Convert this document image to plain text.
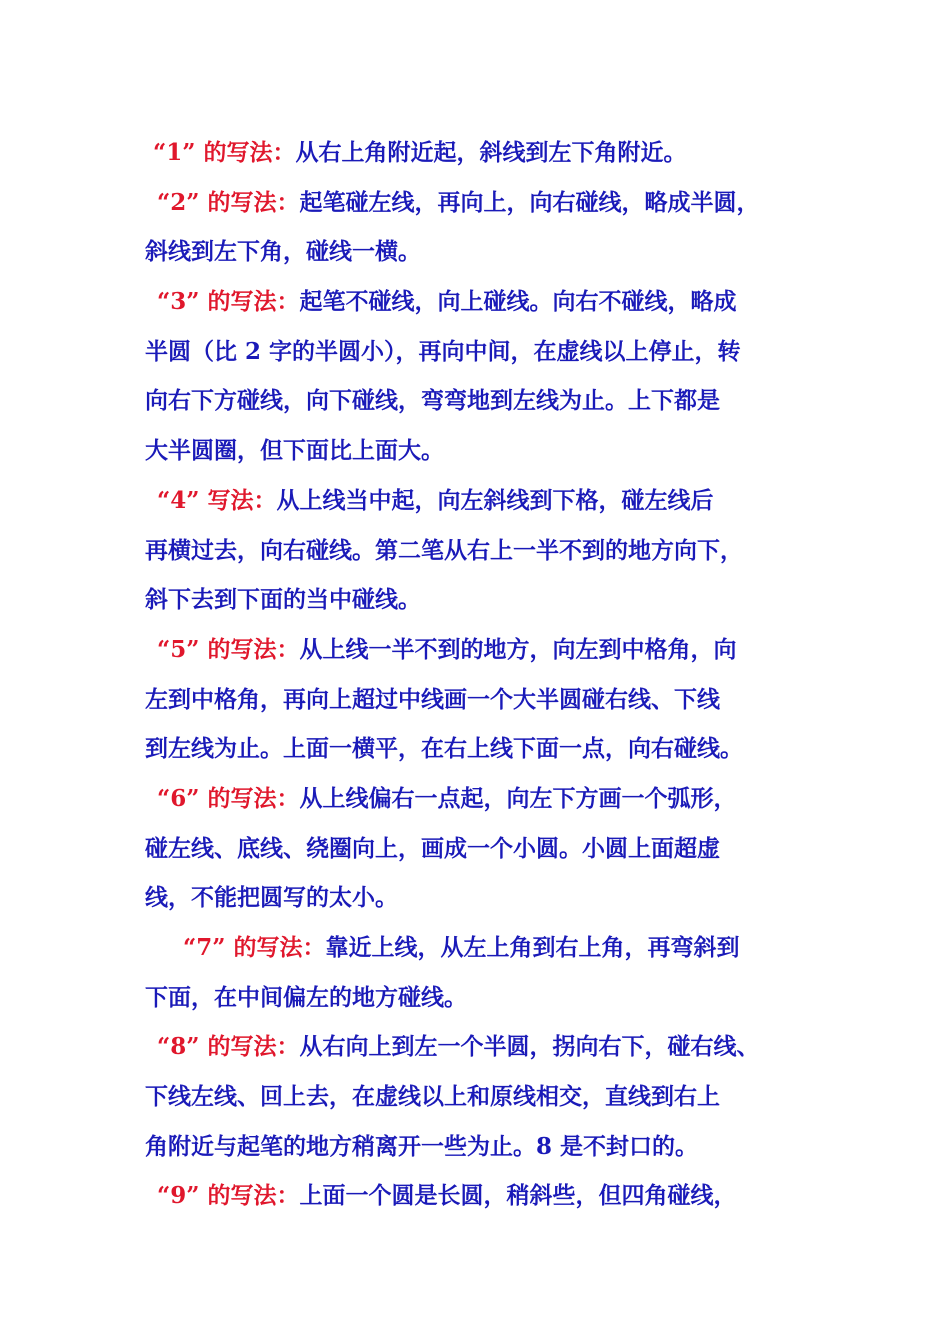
“1” 的写法：从右上角附近起，斜线到左下角附近。
“2” 的写法：起笔碰左线，再向上，向右碰线，略成半圆，
斜线到左下角，碰线一横。
“3” 的写法：起笔不碰线，向上碰线。向右不碰线，略成
半圆（比 2 字的半圆小），再向中间，在虚线以上停止，转
向右下方碰线，向下碰线，弯弯地到左线为止。上下都是
大半圆圈，但下面比上面大。
“4” 写法：从上线当中起，向左斜线到下格，碰左线后
再横过去，向右碰线。第二笔从右上一半不到的地方向下，
斜下去到下面的当中碰线。
“5” 的写法：从上线一半不到的地方，向左到中格角，向
左到中格角，再向上超过中线画一个大半圆碰右线、下线
到左线为止。上面一横平，在右上线下面一点，向右碰线。
“6” 的写法：从上线偏右一点起，向左下方画一个弧形，
碰左线、底线、绕圈向上，画成一个小圆。小圆上面超虚
线，不能把圆写的太小。
“7” 的写法：靠近上线，从左上角到右上角，再弯斜到
下面，在中间偏左的地方碰线。
“8” 的写法：从右向上到左一个半圆，拐向右下，碰右线、
下线左线、回上去，在虚线以上和原线相交，直线到右上
角附近与起笔的地方稍离开一些为止。8 是不封口的。
“9” 的写法：上面一个圆是长圆，稍斜些，但四角碰线，
